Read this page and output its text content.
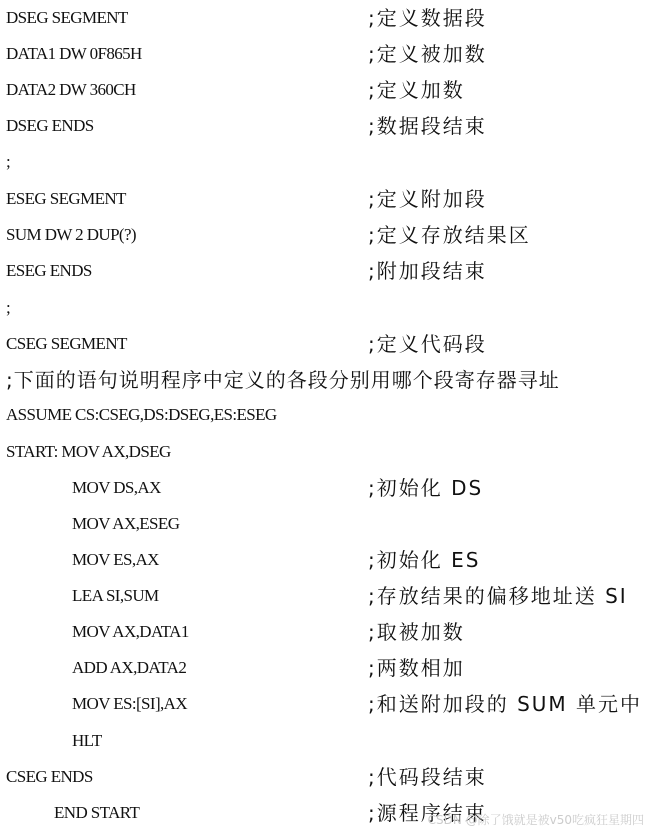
DSEG SEGMENT	;定义数据段
DATA1 DW 0F865H	;定义被加数
DATA2 DW 360CH	;定义加数
DSEG ENDS	;数据段结束
;
ESEG SEGMENT	;定义附加段
SUM DW 2 DUP(?)	;定义存放结果区
ESEG ENDS	;附加段结束
;
CSEG SEGMENT	;定义代码段
;下面的语句说明程序中定义的各段分别用哪个段寄存器寻址
ASSUME CS:CSEG,DS:DSEG,ES:ESEG
START: MOV AX,DSEG
MOV DS,AX	;初始化 DS
MOV AX,ESEG
MOV ES,AX	;初始化 ES
LEA SI,SUM	;存放结果的偏移地址送 SI
MOV AX,DATA1	;取被加数
ADD AX,DATA2	;两数相加
MOV ES:[SI],AX	;和送附加段的 SUM 单元中
HLT
CSEG ENDS	;代码段结束
END START	;源程序结束
CSDN @除了饿就是被v50吃疯狂星期四
